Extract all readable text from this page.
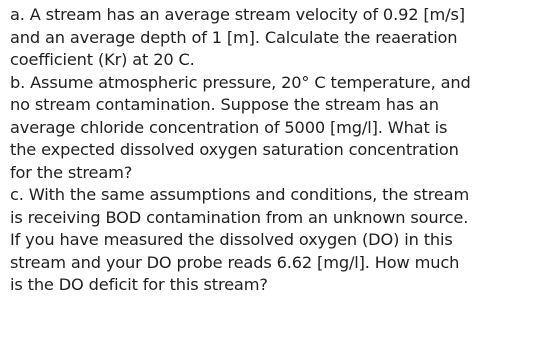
a. A stream has an average stream velocity of 0.92 [m/s]
and an average depth of 1 [m]. Calculate the reaeration
coefficient (Kr) at 20 C.
b. Assume atmospheric pressure, 20° C temperature, and
no stream contamination. Suppose the stream has an
average chloride concentration of 5000 [mg/l]. What is
the expected dissolved oxygen saturation concentration
for the stream?
c. With the same assumptions and conditions, the stream
is receiving BOD contamination from an unknown source.
If you have measured the dissolved oxygen (DO) in this
stream and your DO probe reads 6.62 [mg/l]. How much
is the DO deficit for this stream?
